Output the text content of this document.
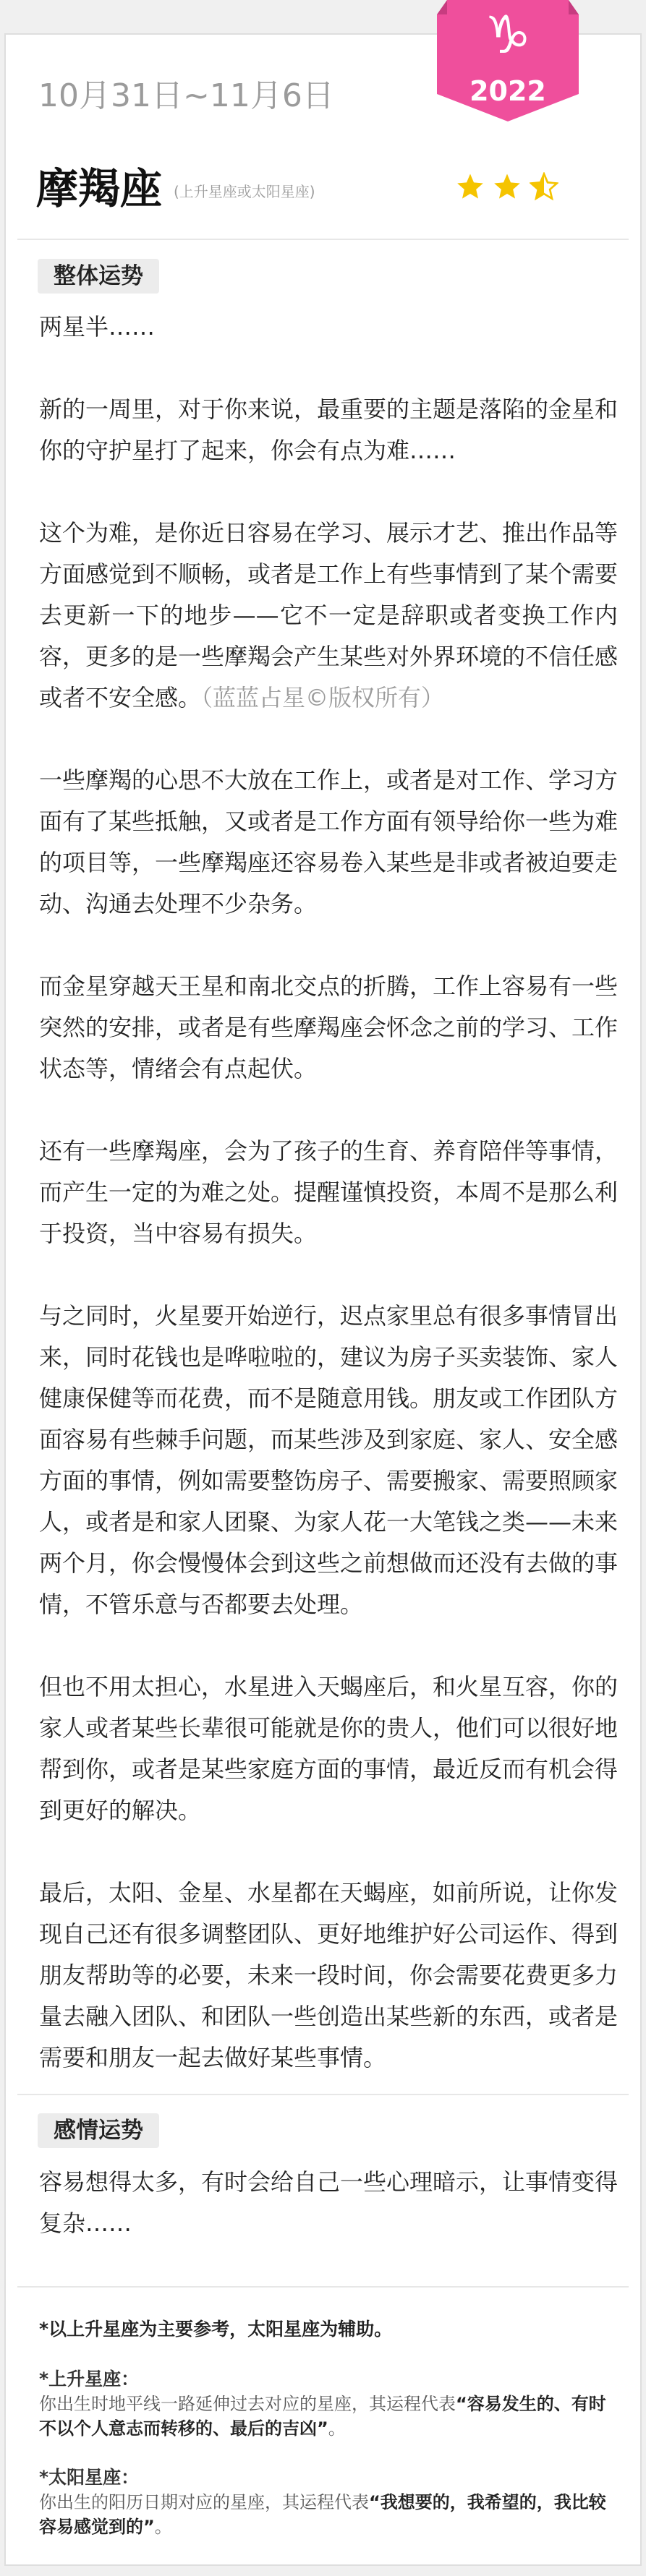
♑
2022
10月31日~11月6日
摩羯座 (上升星座或太阳星座)

整体运势

两星半……

新的一周里，对于你来说，最重要的主题是落陷的金星和你的守护星打了起来，你会有点为难……

这个为难，是你近日容易在学习、展示才艺、推出作品等方面感觉到不顺畅，或者是工作上有些事情到了某个需要去更新一下的地步——它不一定是辞职或者变换工作内容，更多的是一些摩羯会产生某些对外界环境的不信任感或者不安全感。（蓝蓝占星©版权所有）

一些摩羯的心思不大放在工作上，或者是对工作、学习方面有了某些抵触，又或者是工作方面有领导给你一些为难的项目等，一些摩羯座还容易卷入某些是非或者被迫要走动、沟通去处理不少杂务。

而金星穿越天王星和南北交点的折腾，工作上容易有一些突然的安排，或者是有些摩羯座会怀念之前的学习、工作状态等，情绪会有点起伏。

还有一些摩羯座，会为了孩子的生育、养育陪伴等事情，而产生一定的为难之处。提醒谨慎投资，本周不是那么利于投资，当中容易有损失。

与之同时，火星要开始逆行，迟点家里总有很多事情冒出来，同时花钱也是哗啦啦的，建议为房子买卖装饰、家人健康保健等而花费，而不是随意用钱。朋友或工作团队方面容易有些棘手问题，而某些涉及到家庭、家人、安全感方面的事情，例如需要整饬房子、需要搬家、需要照顾家人，或者是和家人团聚、为家人花一大笔钱之类——未来两个月，你会慢慢体会到这些之前想做而还没有去做的事情，不管乐意与否都要去处理。

但也不用太担心，水星进入天蝎座后，和火星互容，你的家人或者某些长辈很可能就是你的贵人，他们可以很好地帮到你，或者是某些家庭方面的事情，最近反而有机会得到更好的解决。

最后，太阳、金星、水星都在天蝎座，如前所说，让你发现自己还有很多调整团队、更好地维护好公司运作、得到朋友帮助等的必要，未来一段时间，你会需要花费更多力量去融入团队、和团队一些创造出某些新的东西，或者是需要和朋友一起去做好某些事情。

感情运势

容易想得太多，有时会给自己一些心理暗示，让事情变得复杂……

*以上升星座为主要参考，太阳星座为辅助。
*上升星座：
你出生时地平线一路延伸过去对应的星座，其运程代表“容易发生的、有时不以个人意志而转移的、最后的吉凶”。
*太阳星座：
你出生的阳历日期对应的星座，其运程代表“我想要的，我希望的，我比较容易感觉到的”。
